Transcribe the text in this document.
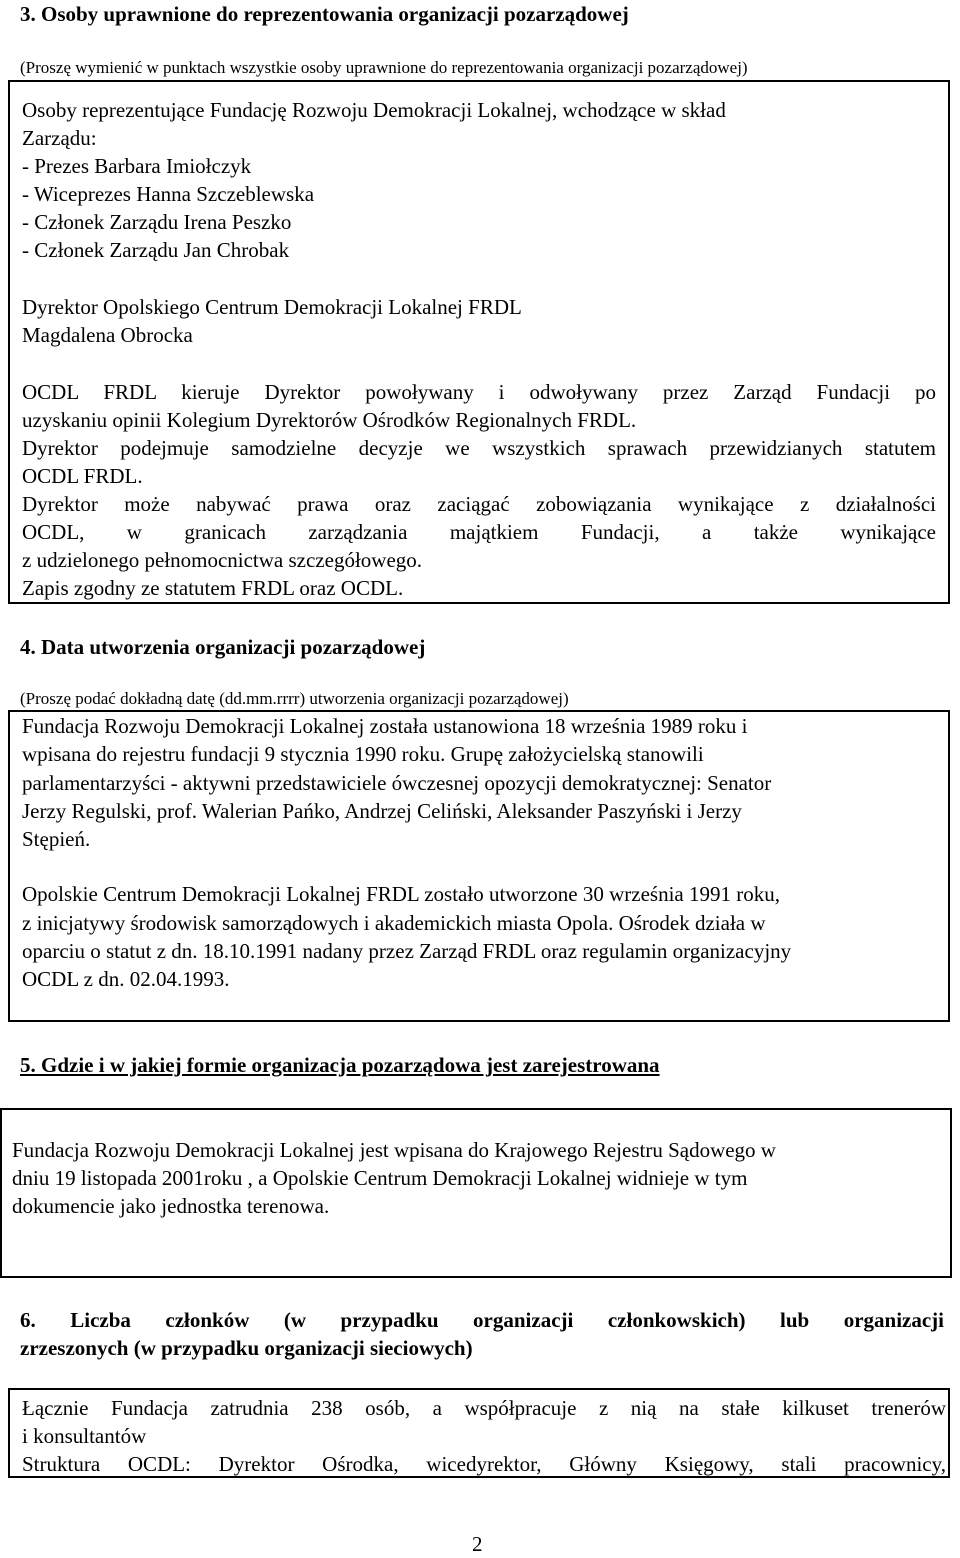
3. Osoby uprawnione do reprezentowania organizacji pozarządowej
(Proszę wymienić w punktach wszystkie osoby uprawnione do reprezentowania organizacji pozarządowej)
Osoby reprezentujące Fundację Rozwoju Demokracji Lokalnej, wchodzące w skład
Zarządu:
- Prezes Barbara Imiołczyk
- Wiceprezes Hanna Szczeblewska
- Członek Zarządu Irena Peszko
- Członek Zarządu Jan Chrobak
Dyrektor Opolskiego Centrum Demokracji Lokalnej FRDL
Magdalena Obrocka
OCDL FRDL kieruje Dyrektor powoływany i odwoływany przez Zarząd Fundacji po
uzyskaniu opinii Kolegium Dyrektorów Ośrodków Regionalnych FRDL.
Dyrektor podejmuje samodzielne decyzje we wszystkich sprawach przewidzianych statutem
OCDL FRDL.
Dyrektor może nabywać prawa oraz zaciągać zobowiązania wynikające z działalności
OCDL, w granicach zarządzania majątkiem Fundacji, a także wynikające
z udzielonego pełnomocnictwa szczegółowego.
Zapis zgodny ze statutem FRDL oraz OCDL.
4. Data utworzenia organizacji pozarządowej
(Proszę podać dokładną datę (dd.mm.rrrr) utworzenia organizacji pozarządowej)
Fundacja Rozwoju Demokracji Lokalnej została ustanowiona 18 września 1989 roku i
wpisana do rejestru fundacji 9 stycznia 1990 roku. Grupę założycielską stanowili
parlamentarzyści - aktywni przedstawiciele ówczesnej opozycji demokratycznej: Senator
Jerzy Regulski, prof. Walerian Pańko, Andrzej Celiński, Aleksander Paszyński i Jerzy
Stępień.
Opolskie Centrum Demokracji Lokalnej FRDL zostało utworzone 30 września 1991 roku,
z inicjatywy środowisk samorządowych i akademickich miasta Opola. Ośrodek działa w
oparciu o statut z dn. 18.10.1991 nadany przez Zarząd FRDL oraz regulamin organizacyjny
OCDL z dn. 02.04.1993.
5. Gdzie i w jakiej formie organizacja pozarządowa jest zarejestrowana
Fundacja Rozwoju Demokracji Lokalnej jest wpisana do Krajowego Rejestru Sądowego w
dniu 19 listopada 2001roku , a Opolskie Centrum Demokracji Lokalnej widnieje w tym
dokumencie jako jednostka terenowa.
6. Liczba członków (w przypadku organizacji członkowskich) lub organizacji
zrzeszonych (w przypadku organizacji sieciowych)
Łącznie Fundacja zatrudnia 238 osób, a współpracuje z nią na stałe kilkuset trenerów
i konsultantów
Struktura OCDL: Dyrektor Ośrodka, wicedyrektor, Główny Księgowy, stali pracownicy,
2
